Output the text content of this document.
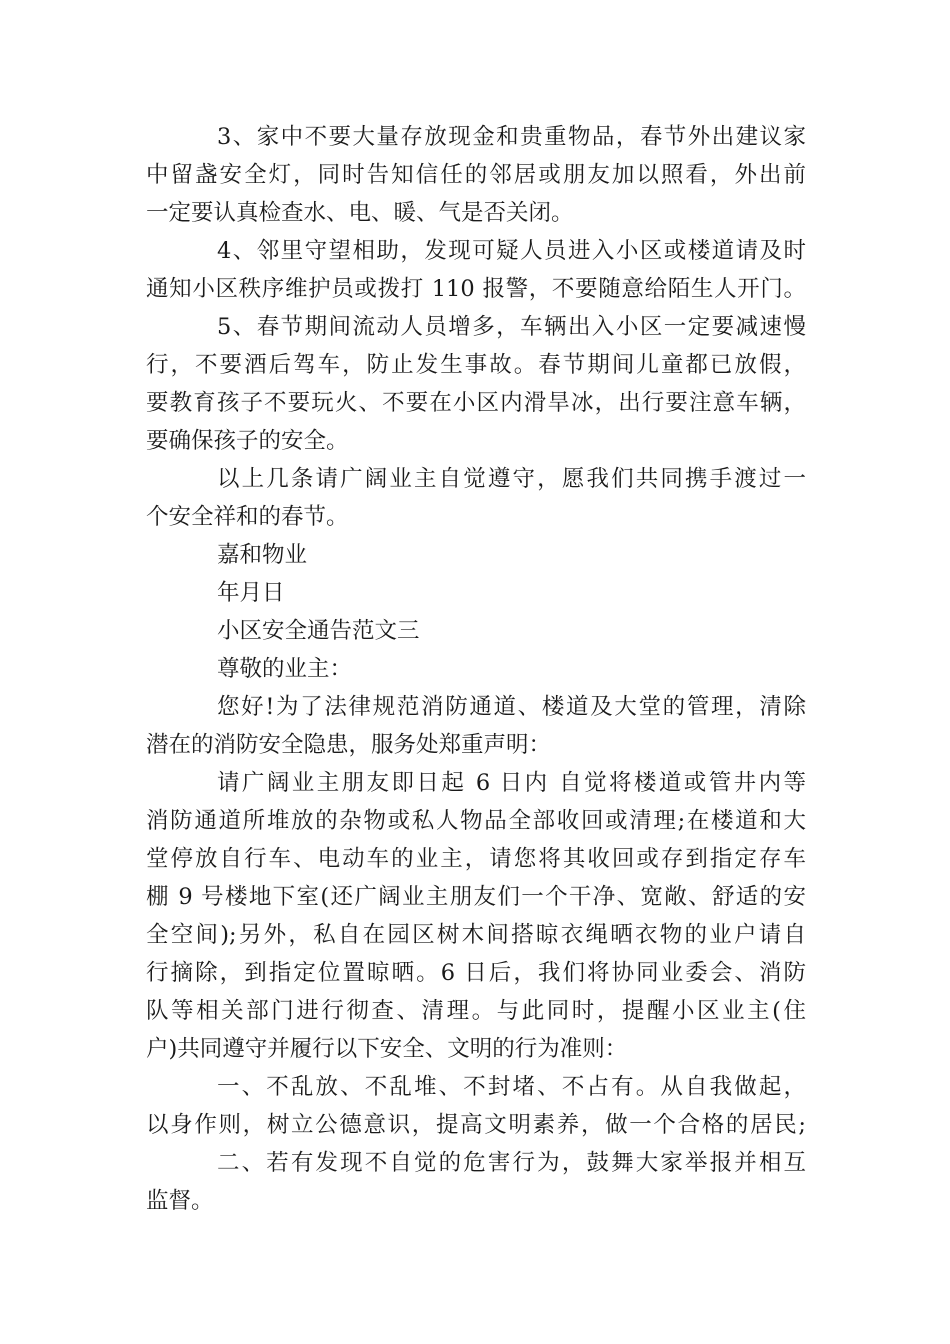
3、家中不要大量存放现金和贵重物品，春节外出建议家
中留盏安全灯，同时告知信任的邻居或朋友加以照看，外出前
一定要认真检查水、电、暖、气是否关闭。
4、邻里守望相助，发现可疑人员进入小区或楼道请及时
通知小区秩序维护员或拨打 110 报警，不要随意给陌生人开门。
5、春节期间流动人员增多，车辆出入小区一定要减速慢
行，不要酒后驾车，防止发生事故。春节期间儿童都已放假，
要教育孩子不要玩火、不要在小区内滑旱冰，出行要注意车辆，
要确保孩子的安全。
以上几条请广阔业主自觉遵守，愿我们共同携手渡过一
个安全祥和的春节。
嘉和物业
年月日
小区安全通告范文三
尊敬的业主：
您好!为了法律规范消防通道、楼道及大堂的管理，清除
潜在的消防安全隐患，服务处郑重声明：
请广阔业主朋友即日起 6 日内 自觉将楼道或管井内等
消防通道所堆放的杂物或私人物品全部收回或清理;在楼道和大
堂停放自行车、电动车的业主，请您将其收回或存到指定存车
棚 9 号楼地下室(还广阔业主朋友们一个干净、宽敞、舒适的安
全空间);另外，私自在园区树木间搭晾衣绳晒衣物的业户请自
行摘除，到指定位置晾晒。6 日后，我们将协同业委会、消防
队等相关部门进行彻查、清理。与此同时，提醒小区业主(住
户)共同遵守并履行以下安全、文明的行为准则：
一、不乱放、不乱堆、不封堵、不占有。从自我做起，
以身作则，树立公德意识，提高文明素养，做一个合格的居民;
二、若有发现不自觉的危害行为，鼓舞大家举报并相互
监督。
